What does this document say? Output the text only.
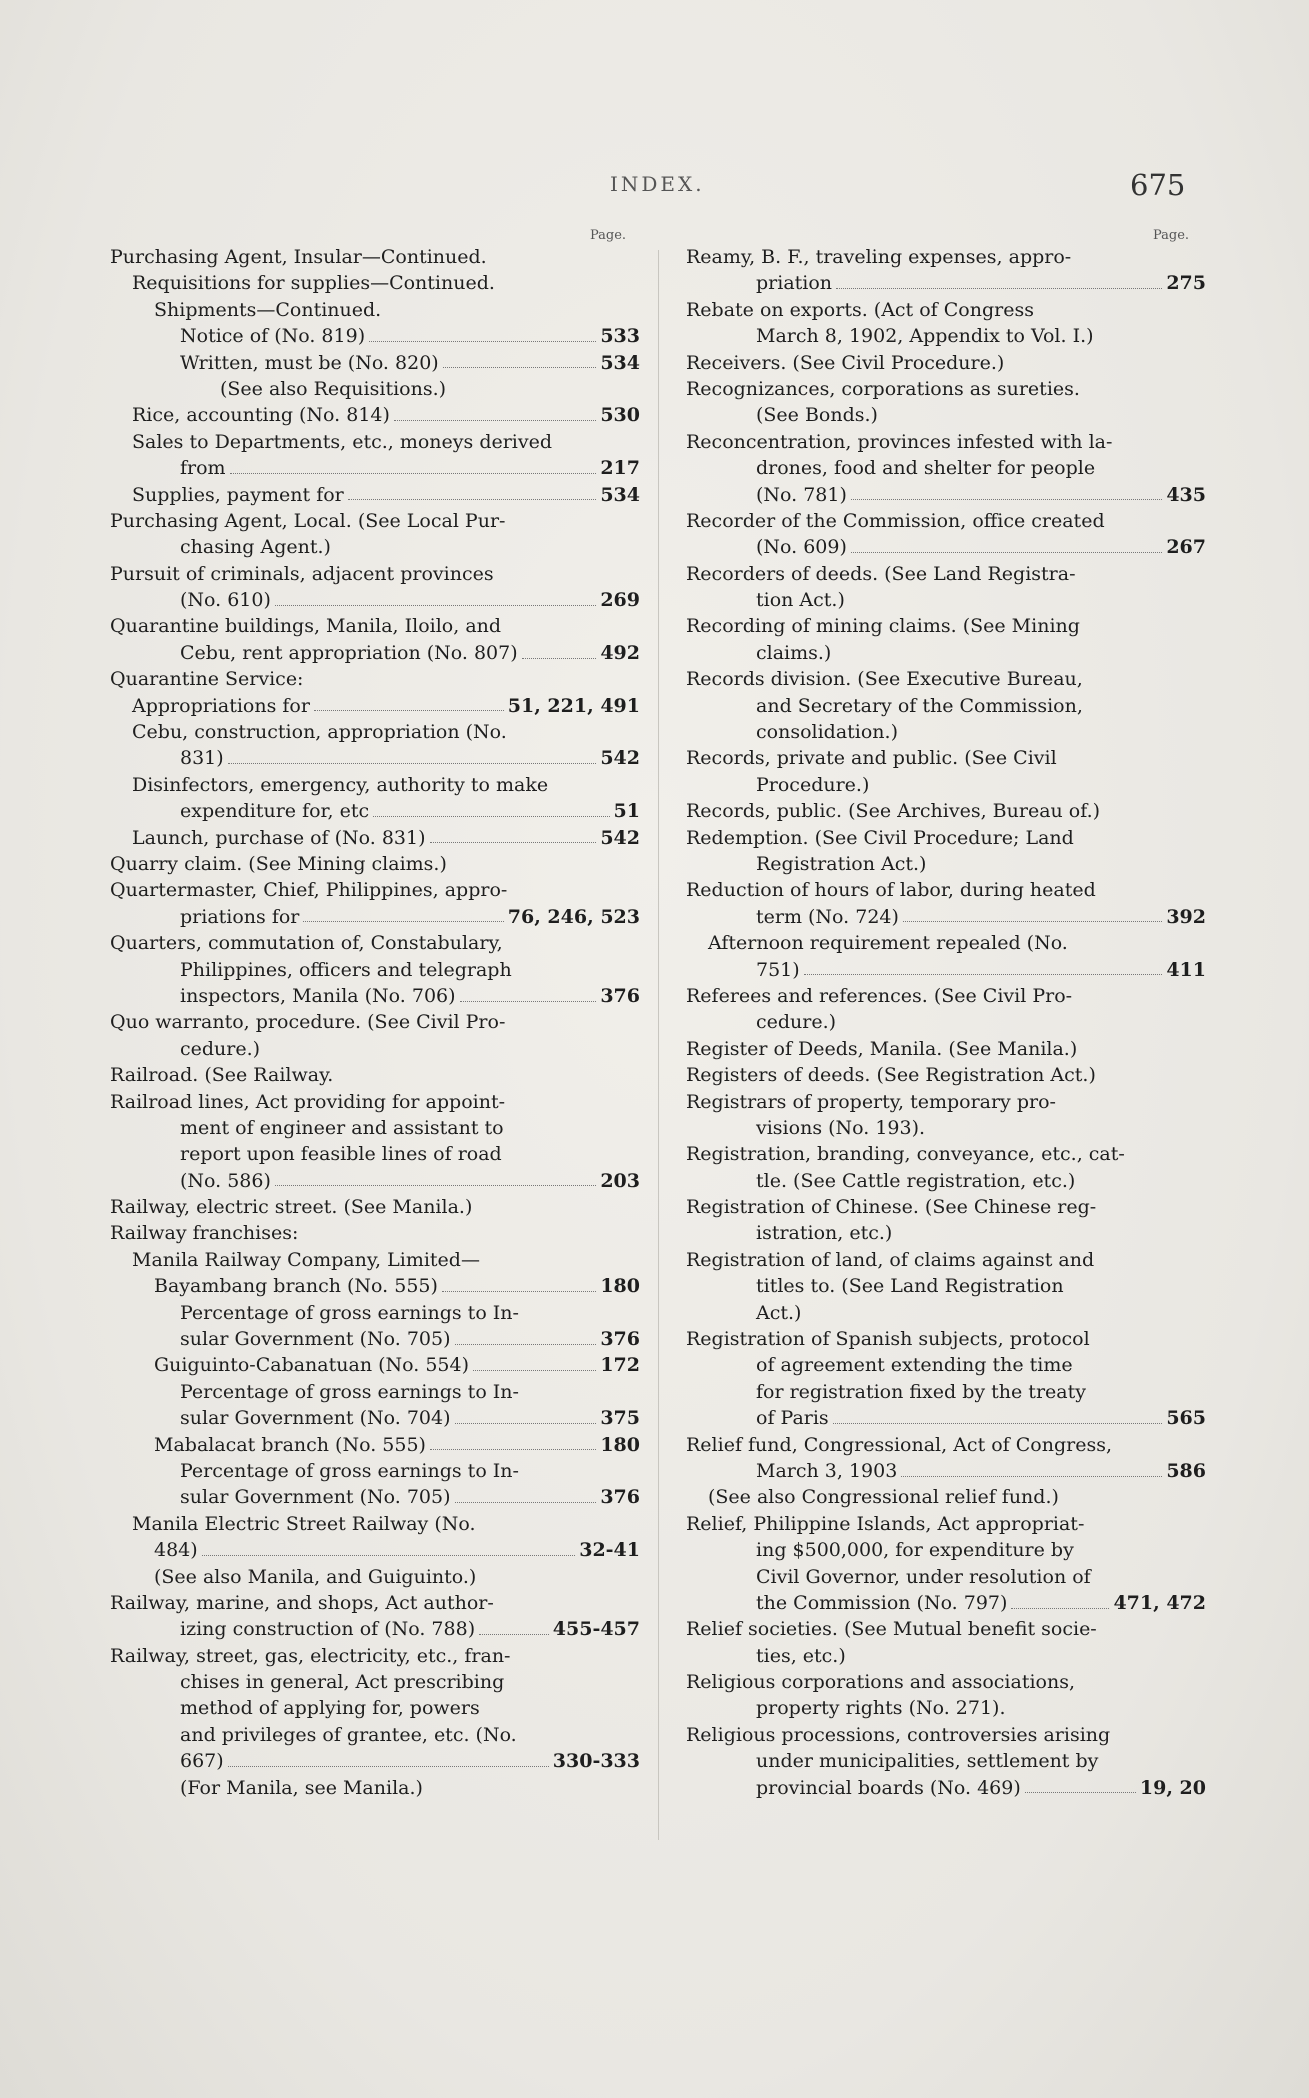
INDEX.	675
Page.	Page.
Purchasing Agent, Insular—Continued.
Requisitions for supplies—Continued.
Shipments—Continued.
Notice of (No. 819)	533
Written, must be (No. 820)	534
(See also Requisitions.)
Rice, accounting (No. 814)	530
Sales to Departments, etc., moneys derived
from	217
Supplies, payment for	534
Purchasing Agent, Local. (See Local Pur-
chasing Agent.)
Pursuit of criminals, adjacent provinces
(No. 610)	269
Quarantine buildings, Manila, Iloilo, and
Cebu, rent appropriation (No. 807)	492
Quarantine Service:
Appropriations for	51, 221, 491
Cebu, construction, appropriation (No.
831)	542
Disinfectors, emergency, authority to make
expenditure for, etc	51
Launch, purchase of (No. 831)	542
Quarry claim. (See Mining claims.)
Quartermaster, Chief, Philippines, appro-
priations for	76, 246, 523
Quarters, commutation of, Constabulary,
Philippines, officers and telegraph
inspectors, Manila (No. 706)	376
Quo warranto, procedure. (See Civil Pro-
cedure.)
Railroad. (See Railway.
Railroad lines, Act providing for appoint-
ment of engineer and assistant to
report upon feasible lines of road
(No. 586)	203
Railway, electric street. (See Manila.)
Railway franchises:
Manila Railway Company, Limited—
Bayambang branch (No. 555)	180
Percentage of gross earnings to In-
sular Government (No. 705)	376
Guiguinto-Cabanatuan (No. 554)	172
Percentage of gross earnings to In-
sular Government (No. 704)	375
Mabalacat branch (No. 555)	180
Percentage of gross earnings to In-
sular Government (No. 705)	376
Manila Electric Street Railway (No.
484)	32-41
(See also Manila, and Guiguinto.)
Railway, marine, and shops, Act author-
izing construction of (No. 788)	455-457
Railway, street, gas, electricity, etc., fran-
chises in general, Act prescribing
method of applying for, powers
and privileges of grantee, etc. (No.
667)	330-333
(For Manila, see Manila.)
Reamy, B. F., traveling expenses, appro-
priation	275
Rebate on exports. (Act of Congress
March 8, 1902, Appendix to Vol. I.)
Receivers. (See Civil Procedure.)
Recognizances, corporations as sureties.
(See Bonds.)
Reconcentration, provinces infested with la-
drones, food and shelter for people
(No. 781)	435
Recorder of the Commission, office created
(No. 609)	267
Recorders of deeds. (See Land Registra-
tion Act.)
Recording of mining claims. (See Mining
claims.)
Records division. (See Executive Bureau,
and Secretary of the Commission,
consolidation.)
Records, private and public. (See Civil
Procedure.)
Records, public. (See Archives, Bureau of.)
Redemption. (See Civil Procedure; Land
Registration Act.)
Reduction of hours of labor, during heated
term (No. 724)	392
Afternoon requirement repealed (No.
751)	411
Referees and references. (See Civil Pro-
cedure.)
Register of Deeds, Manila. (See Manila.)
Registers of deeds. (See Registration Act.)
Registrars of property, temporary pro-
visions (No. 193).
Registration, branding, conveyance, etc., cat-
tle. (See Cattle registration, etc.)
Registration of Chinese. (See Chinese reg-
istration, etc.)
Registration of land, of claims against and
titles to. (See Land Registration
Act.)
Registration of Spanish subjects, protocol
of agreement extending the time
for registration fixed by the treaty
of Paris	565
Relief fund, Congressional, Act of Congress,
March 3, 1903	586
(See also Congressional relief fund.)
Relief, Philippine Islands, Act appropriat-
ing $500,000, for expenditure by
Civil Governor, under resolution of
the Commission (No. 797)	471, 472
Relief societies. (See Mutual benefit socie-
ties, etc.)
Religious corporations and associations,
property rights (No. 271).
Religious processions, controversies arising
under municipalities, settlement by
provincial boards (No. 469)	19, 20
